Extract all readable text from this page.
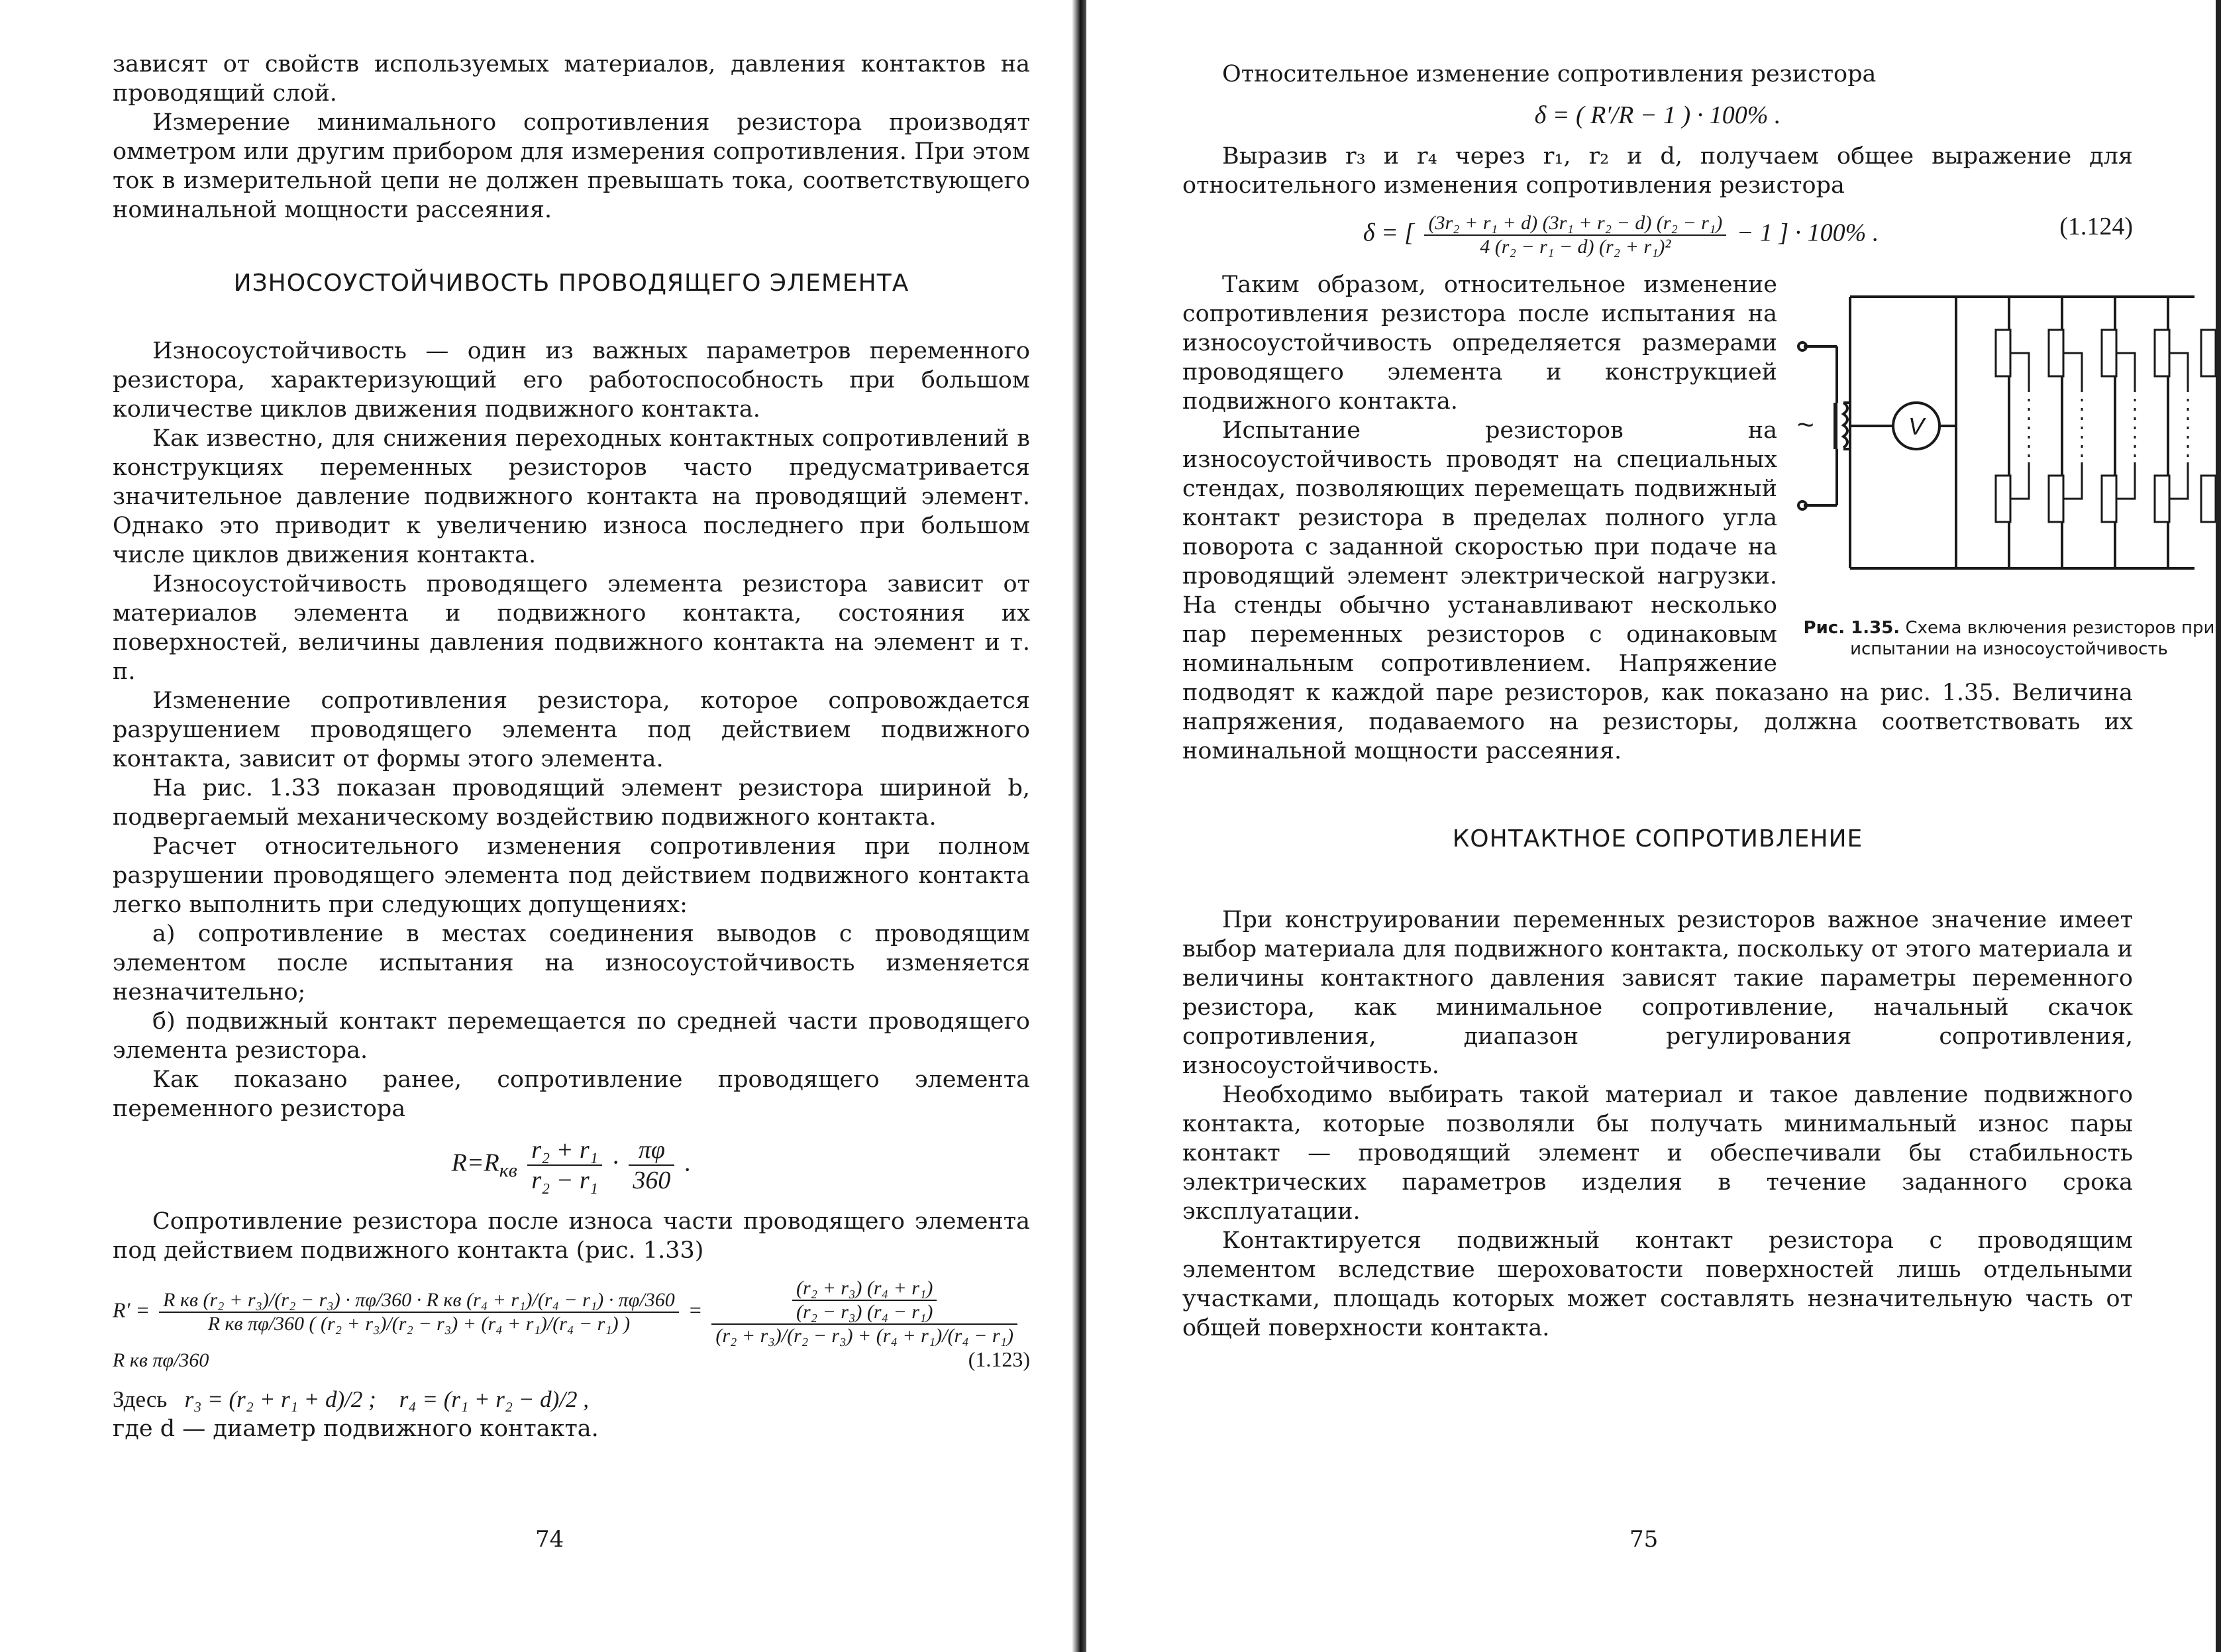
зависят от свойств используемых материалов, давления контактов на проводящий слой.

Измерение минимального сопротивления резистора производят омметром или другим прибором для измерения сопротивления. При этом ток в измерительной цепи не должен превышать тока, соответствующего номинальной мощности рассеяния.

ИЗНОСОУСТОЙЧИВОСТЬ ПРОВОДЯЩЕГО ЭЛЕМЕНТА

Износоустойчивость — один из важных параметров переменного резистора, характеризующий его работоспособность при большом количестве циклов движения подвижного контакта.

Как известно, для снижения переходных контактных сопротивлений в конструкциях переменных резисторов часто предусматривается значительное давление подвижного контакта на проводящий элемент. Однако это приводит к увеличению износа последнего при большом числе циклов движения контакта.

Износоустойчивость проводящего элемента резистора зависит от материалов элемента и подвижного контакта, состояния их поверхностей, величины давления подвижного контакта на элемент и т. п.

Изменение сопротивления резистора, которое сопровождается разрушением проводящего элемента под действием подвижного контакта, зависит от формы этого элемента.

На рис. 1.33 показан проводящий элемент резистора шириной b, подвергаемый механическому воздействию подвижного контакта.

Расчет относительного изменения сопротивления при полном разрушении проводящего элемента под действием подвижного контакта легко выполнить при следующих допущениях:

а) сопротивление в местах соединения выводов с проводящим элементом после испытания на износоустойчивость изменяется незначительно;

б) подвижный контакт перемещается по средней части проводящего элемента резистора.

Как показано ранее, сопротивление проводящего элемента переменного резистора

$R=R_{кв} \frac{\text{r₂ + r₁}}{\text{r₂ − r₁}} \cdot \frac{\pi\varphi}{360}$ .

Сопротивление резистора после износа части проводящего элемента под действием подвижного контакта (рис. 1.33)

R′ = R кв (r₂ + r₃)/(r₂ − r₃) · πφ/360 · R кв (r₄ + r₁)/(r₄ − r₁) · πφ/360
R кв πφ/360 ( (r₂ + r₃)/(r₂ − r₃) + (r₄ + r₁)/(r₄ − r₁) )
= $\frac{\frac{\text{(r₂ + r₃) (r₄ + r₁)}}{\text{(r₂ − r₃) (r₄ − r₁)}}}{\text{(r₂ + r₃)/(r₂ − r₃) + (r₄ + r₁)/(r₄ − r₁)}}$
R кв πφ/360	(1.123)
Здесь r₃ = (r₂ + r₁ + d)/2 ; r₄ = (r₁ + r₂ − d)/2 ,

где d — диаметр подвижного контакта.

74

Относительное изменение сопротивления резистора

δ = ( R′/R − 1 ) · 100% .

Выразив r₃ и r₄ через r₁, r₂ и d, получаем общее выражение для относительного изменения сопротивления резистора

δ = [ $\frac{\text{(3r₂ + r₁ + d) (3r₁ + r₂ − d) (r₂ − r₁)}}{\text{4 (r₂ − r₁ − d) (r₂ + r₁)²}} - 1$ ] · 100% .	(1.124)
V
~
Рис. 1.35. Схема включения резисторов при испытании на износоустойчивость

Таким образом, относительное изменение сопротивления резистора после испытания на износоустойчивость определяется размерами проводящего элемента и конструкцией подвижного контакта.

Испытание резисторов на износоустойчивость проводят на специальных стендах, позволяющих перемещать подвижный контакт резистора в пределах полного угла поворота с заданной скоростью при подаче на проводящий элемент электрической нагрузки. На стенды обычно устанавливают несколько пар переменных резисторов с одинаковым номинальным сопротивлением. Напряжение подводят к каждой паре резисторов, как показано на рис. 1.35. Величина напряжения, подаваемого на резисторы, должна соответствовать их номинальной мощности рассеяния.

КОНТАКТНОЕ СОПРОТИВЛЕНИЕ

При конструировании переменных резисторов важное значение имеет выбор материала для подвижного контакта, поскольку от этого материала и величины контактного давления зависят такие параметры переменного резистора, как минимальное сопротивление, начальный скачок сопротивления, диапазон регулирования сопротивления, износоустойчивость.

Необходимо выбирать такой материал и такое давление подвижного контакта, которые позволяли бы получать минимальный износ пары контакт — проводящий элемент и обеспечивали бы стабильность электрических параметров изделия в течение заданного срока эксплуатации.

Контактируется подвижный контакт резистора с проводящим элементом вследствие шероховатости поверхностей лишь отдельными участками, площадь которых может составлять незначительную часть от общей поверхности контакта.

75
